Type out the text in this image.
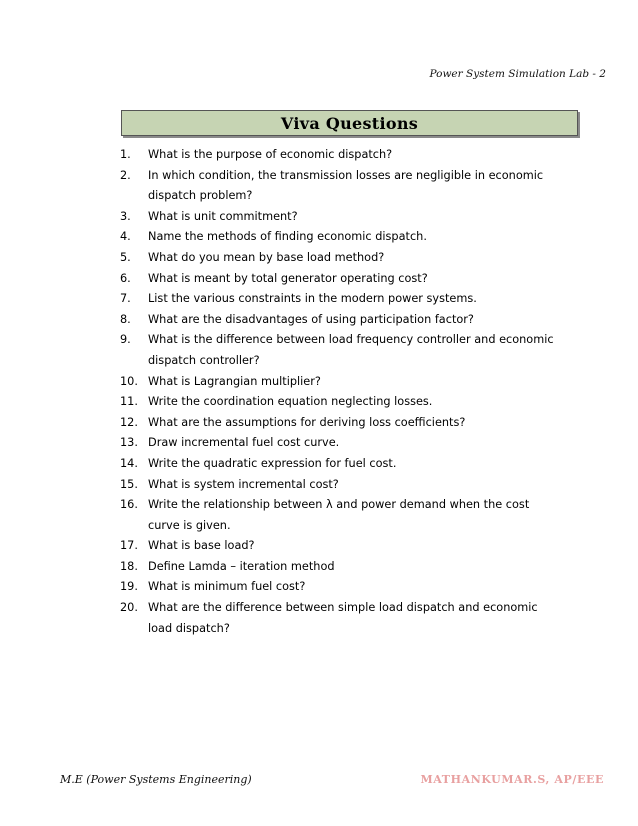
Power System Simulation Lab - 2
Viva Questions
1.	What is the purpose of economic dispatch?
2.	In which condition, the transmission losses are negligible in economic dispatch problem?
3.	What is unit commitment?
4.	Name the methods of finding economic dispatch.
5.	What do you mean by base load method?
6.	What is meant by total generator operating cost?
7.	List the various constraints in the modern power systems.
8.	What are the disadvantages of using participation factor?
9.	What is the difference between load frequency controller and economic dispatch controller?
10. What is Lagrangian multiplier?
11. Write the coordination equation neglecting losses.
12. What are the assumptions for deriving loss coefficients?
13. Draw incremental fuel cost curve.
14. Write the quadratic expression for fuel cost.
15. What is system incremental cost?
16. Write the relationship between λ and power demand when the cost curve is given.
17. What is base load?
18. Define Lamda – iteration method
19. What is minimum fuel cost?
20. What are the difference between simple load dispatch and economic load dispatch?
M.E (Power Systems Engineering)	MATHANKUMAR.S, AP/EEE
